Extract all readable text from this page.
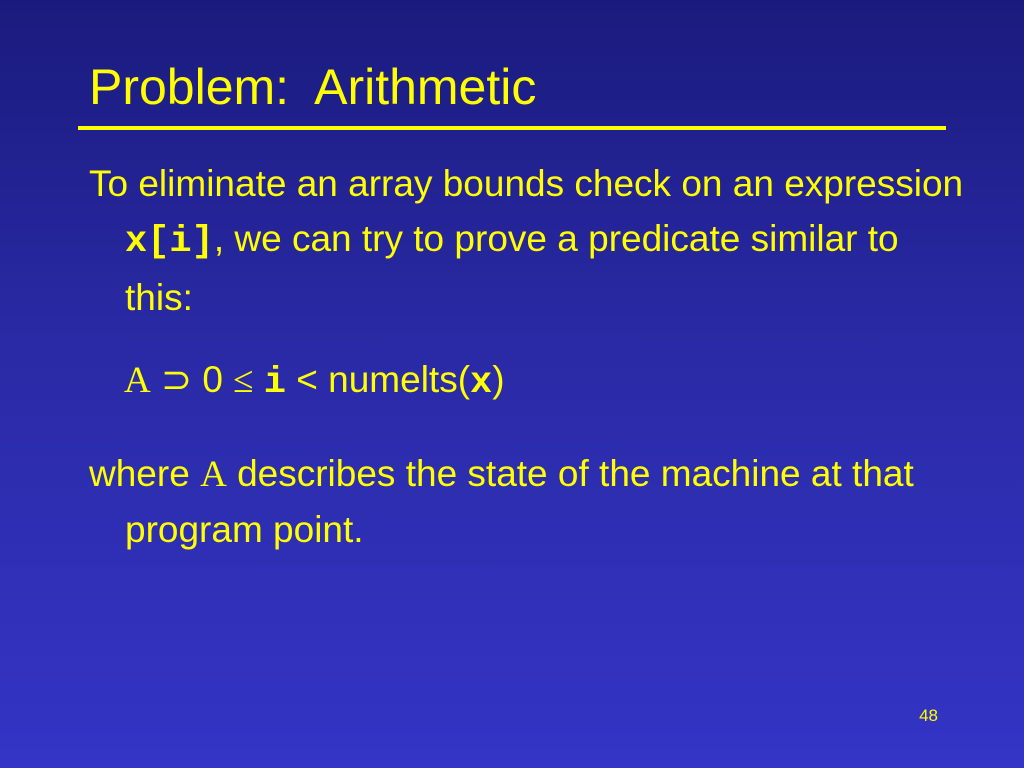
Problem:  Arithmetic

To eliminate an array bounds check on an expression x[i], we can try to prove a predicate similar to this:

A ⊃ 0 ≤ i < numelts(x)

where A describes the state of the machine at that program point.

48
